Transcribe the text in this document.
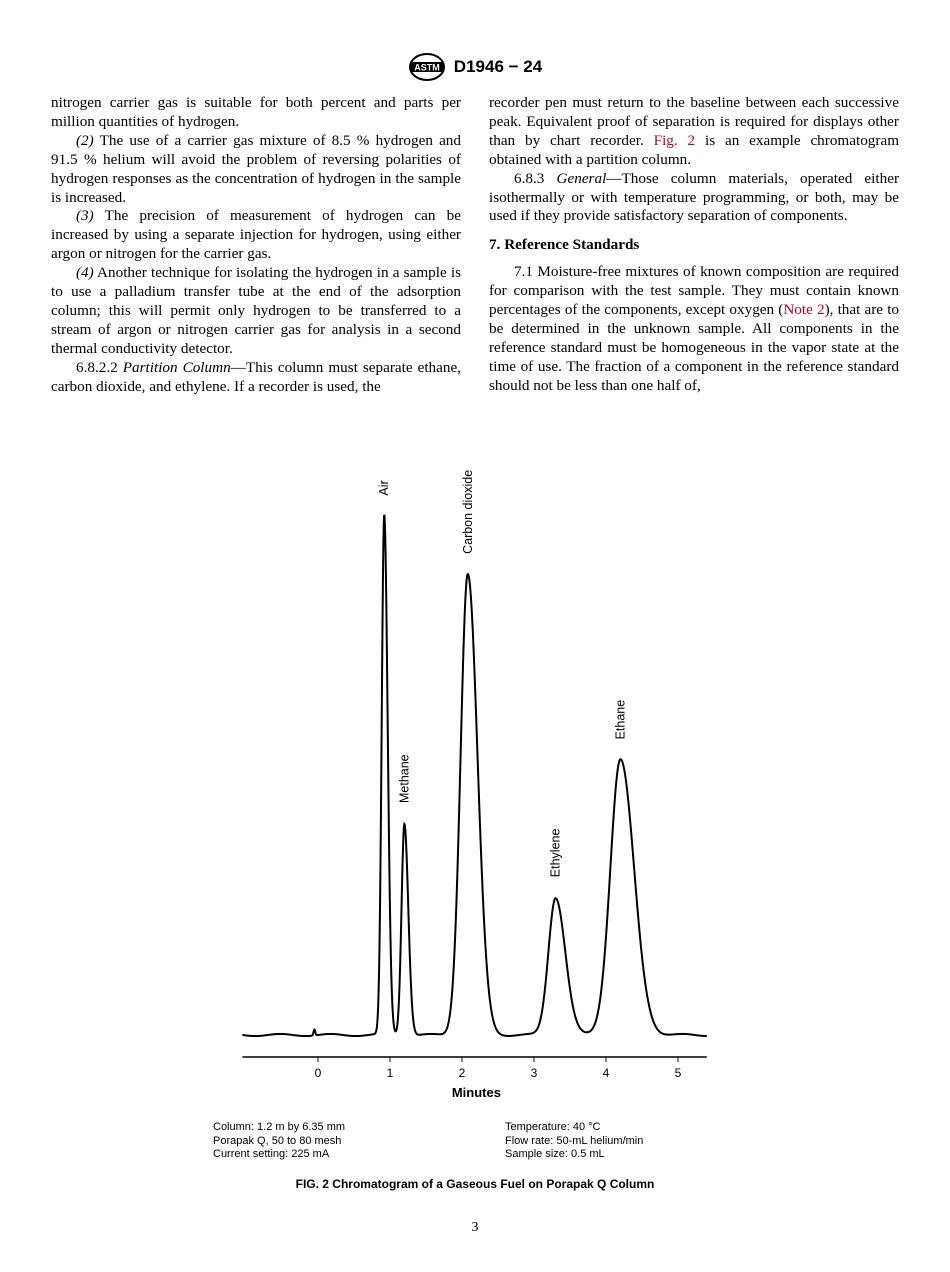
ASTM D1946 − 24

nitrogen carrier gas is suitable for both percent and parts per million quantities of hydrogen.

(2) The use of a carrier gas mixture of 8.5 % hydrogen and 91.5 % helium will avoid the problem of reversing polarities of hydrogen responses as the concentration of hydrogen in the sample is increased.

(3) The precision of measurement of hydrogen can be increased by using a separate injection for hydrogen, using either argon or nitrogen for the carrier gas.

(4) Another technique for isolating the hydrogen in a sample is to use a palladium transfer tube at the end of the adsorption column; this will permit only hydrogen to be transferred to a stream of argon or nitrogen carrier gas for analysis in a second thermal conductivity detector.

6.8.2.2 Partition Column—This column must separate ethane, carbon dioxide, and ethylene. If a recorder is used, the

recorder pen must return to the baseline between each successive peak. Equivalent proof of separation is required for displays other than by chart recorder. Fig. 2 is an example chromatogram obtained with a partition column.

6.8.3 General—Those column materials, operated either isothermally or with temperature programming, or both, may be used if they provide satisfactory separation of components.

7. Reference Standards

7.1 Moisture-free mixtures of known composition are required for comparison with the test sample. They must contain known percentages of the components, except oxygen (Note 2), that are to be determined in the unknown sample. All components in the reference standard must be homogeneous in the vapor state at the time of use. The fraction of a component in the reference standard should not be less than one half of,

0	1	2	3	4	5
Minutes
Air
Methane
Carbon dioxide
Ethylene
Ethane
Column: 1.2 m by 6.35 mm
Porapak Q, 50 to 80 mesh
Current setting: 225 mA
Temperature: 40 °C
Flow rate: 50-mL helium/min
Sample size: 0.5 mL
FIG. 2 Chromatogram of a Gaseous Fuel on Porapak Q Column
3
